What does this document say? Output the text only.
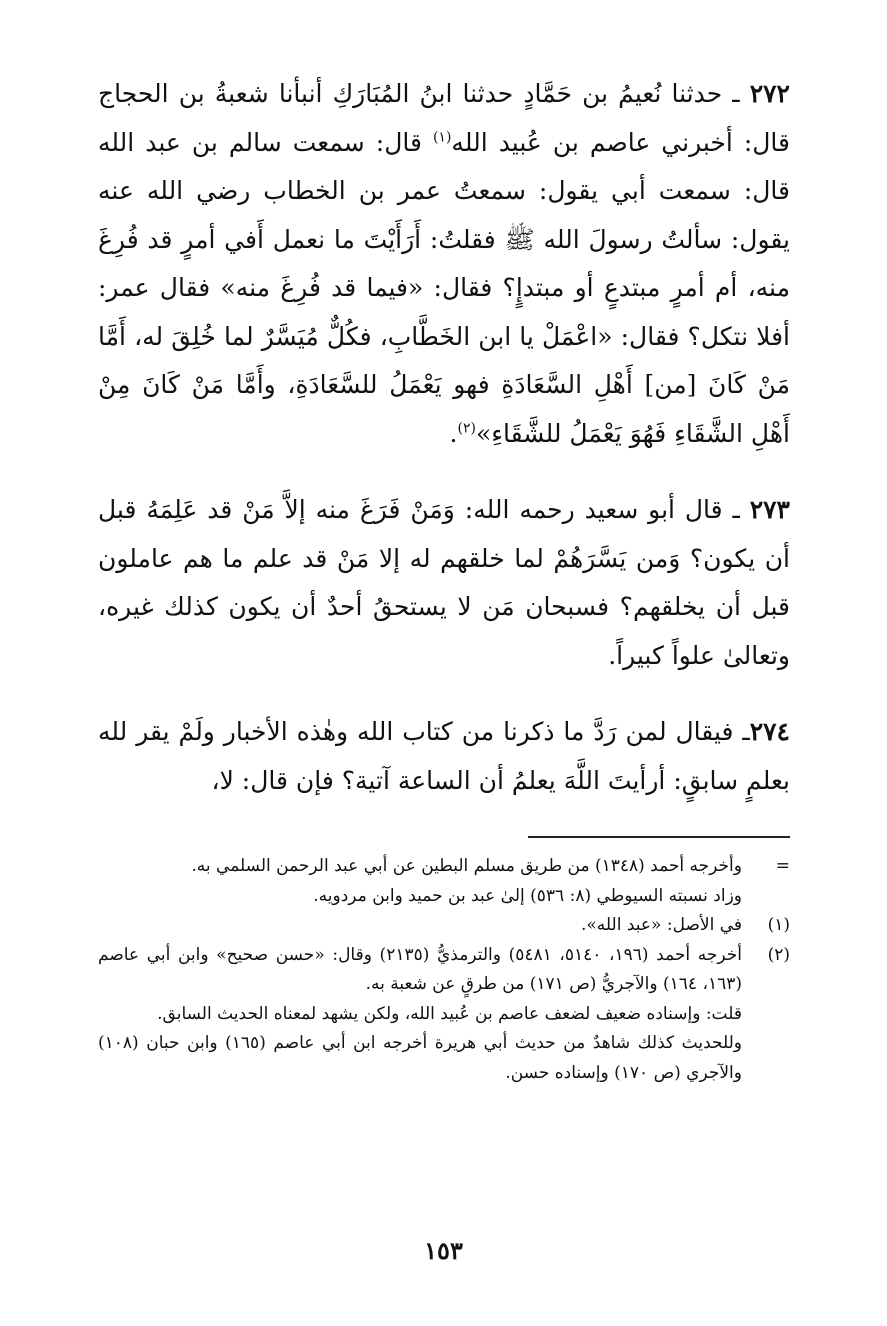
٢٧٢ ـ حدثنا نُعيمُ بن حَمَّادٍ حدثنا ابنُ المُبَارَكِ أنبأنا شعبةُ بن الحجاج قال: أخبرني عاصم بن عُبيد الله$^{(١)}$ قال: سمعت سالم بن عبد الله قال: سمعت أبي يقول: سمعتُ عمر بن الخطاب رضي الله عنه يقول: سألتُ رسولَ الله ﷺ فقلتُ: أَرَأَيْتَ ما نعمل أَفي أمرٍ قد فُرِغَ منه، أم أمرٍ مبتدعٍ أو مبتدإٍ؟ فقال: «فيما قد فُرِغَ منه» فقال عمر: أفلا نتكل؟ فقال: «اعْمَلْ يا ابن الخَطَّابِ، فكُلٌّ مُيَسَّرٌ لما خُلِقَ له، أَمَّا مَنْ كَانَ [من] أَهْلِ السَّعَادَةِ فهو يَعْمَلُ للسَّعَادَةِ، وأَمَّا مَنْ كَانَ مِنْ أَهْلِ الشَّقَاءِ فَهُوَ يَعْمَلُ للشَّقَاءِ»$^{(٢)}$.

٢٧٣ ـ قال أبو سعيد رحمه الله: وَمَنْ فَرَغَ منه إلاَّ مَنْ قد عَلِمَهُ قبل أن يكون؟ وَمن يَسَّرَهُمْ لما خلقهم له إلا مَنْ قد علم ما هم عاملون قبل أن يخلقهم؟ فسبحان مَن لا يستحقُ أحدٌ أن يكون كذلك غيره، وتعالىٰ علواً كبيراً.

٢٧٤ـ فيقال لمن رَدَّ ما ذكرنا من كتاب الله وهٰذه الأخبار ولَمْ يقر لله بعلمٍ سابقٍ: أرأيتَ اللَّهَ يعلمُ أن الساعة آتية؟ فإن قال: لا،

=
وأخرجه أحمد (١٣٤٨) من طريق مسلم البطين عن أبي عبد الرحمن السلمي به.
وزاد نسبته السيوطي (٨: ٥٣٦) إلىٰ عبد بن حميد وابن مردويه.
(١)
في الأصل: «عبد الله».
(٢)
أخرجه أحمد (١٩٦، ٥١٤٠، ٥٤٨١) والترمذيُّ (٢١٣٥) وقال: «حسن صحيح» وابن أبي عاصم (١٦٣، ١٦٤) والآجريُّ (ص ١٧١) من طرقٍ عن شعبة به.
قلت: وإسناده ضعيف لضعف عاصم بن عُبيد الله، ولكن يشهد لمعناه الحديث السابق.
وللحديث كذلك شاهدٌ من حديث أبي هريرة أخرجه ابن أبي عاصم (١٦٥) وابن حبان (١٠٨) والآجري (ص ١٧٠) وإسناده حسن.
١٥٣
